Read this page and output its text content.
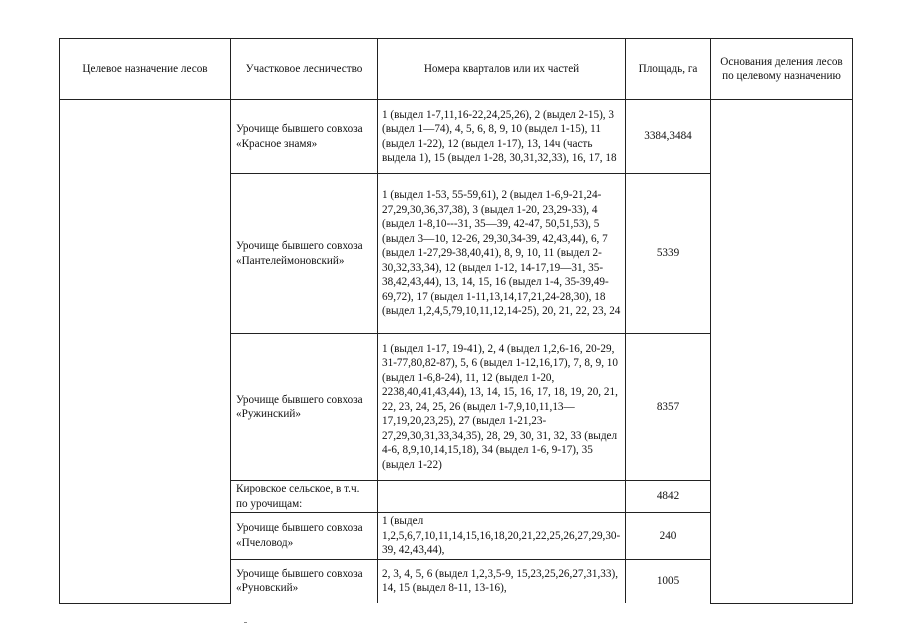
Целевое назначение лесов	Участковое лесничество	Номера кварталов или их частей	Площадь, га	Основания деления лесов по целевому назначению
	Урочище бывшего совхоза «Красное знамя»	1 (выдел 1-7,11,16-22,24,25,26), 2 (выдел 2-15), 3 (выдел 1—74), 4, 5, 6, 8, 9, 10 (выдел 1-15), 11 (выдел 1-22), 12 (выдел 1-17), 13, 14ч (часть выдела 1), 15 (выдел 1-28, 30,31,32,33), 16, 17, 18	3384,3484	
	Урочище бывшего совхоза «Пантелеймоновский»	1 (выдел 1-53, 55-59,61), 2 (выдел 1-6,9-21,24-27,29,30,36,37,38), 3 (выдел 1-20, 23,29-33), 4 (выдел 1-8,10---31, 35—39, 42-47, 50,51,53), 5 (выдел 3—10, 12-26, 29,30,34-39, 42,43,44), 6, 7 (выдел 1-27,29-38,40,41), 8, 9, 10, 11 (выдел 2-30,32,33,34), 12 (выдел 1-12, 14-17,19—31, 35-38,42,43,44), 13, 14, 15, 16 (выдел 1-4, 35-39,49-69,72), 17 (выдел 1-11,13,14,17,21,24-28,30), 18 (выдел 1,2,4,5,79,10,11,12,14-25), 20, 21, 22, 23, 24	5339	
	Урочище бывшего совхоза «Ружинский»	1 (выдел 1-17, 19-41), 2, 4 (выдел 1,2,6-16, 20-29, 31-77,80,82-87), 5, 6 (выдел 1-12,16,17), 7, 8, 9, 10 (выдел 1-6,8-24), 11, 12 (выдел 1-20, 2238,40,41,43,44), 13, 14, 15, 16, 17, 18, 19, 20, 21, 22, 23, 24, 25, 26 (выдел 1-7,9,10,11,13—17,19,20,23,25), 27 (выдел 1-21,23-27,29,30,31,33,34,35), 28, 29, 30, 31, 32, 33 (выдел 4-6, 8,9,10,14,15,18), 34 (выдел 1-6, 9-17), 35 (выдел 1-22)	8357	
	Кировское сельское, в т.ч. по урочищам:		4842	
	Урочище бывшего совхоза «Пчеловод»	1 (выдел 1,2,5,6,7,10,11,14,15,16,18,20,21,22,25,26,27,29,30-39, 42,43,44),	240	
	Урочище бывшего совхоза «Руновский»	2, 3, 4, 5, 6 (выдел 1,2,3,5-9, 15,23,25,26,27,31,33), 14, 15 (выдел 8-11, 13-16),	1005	
